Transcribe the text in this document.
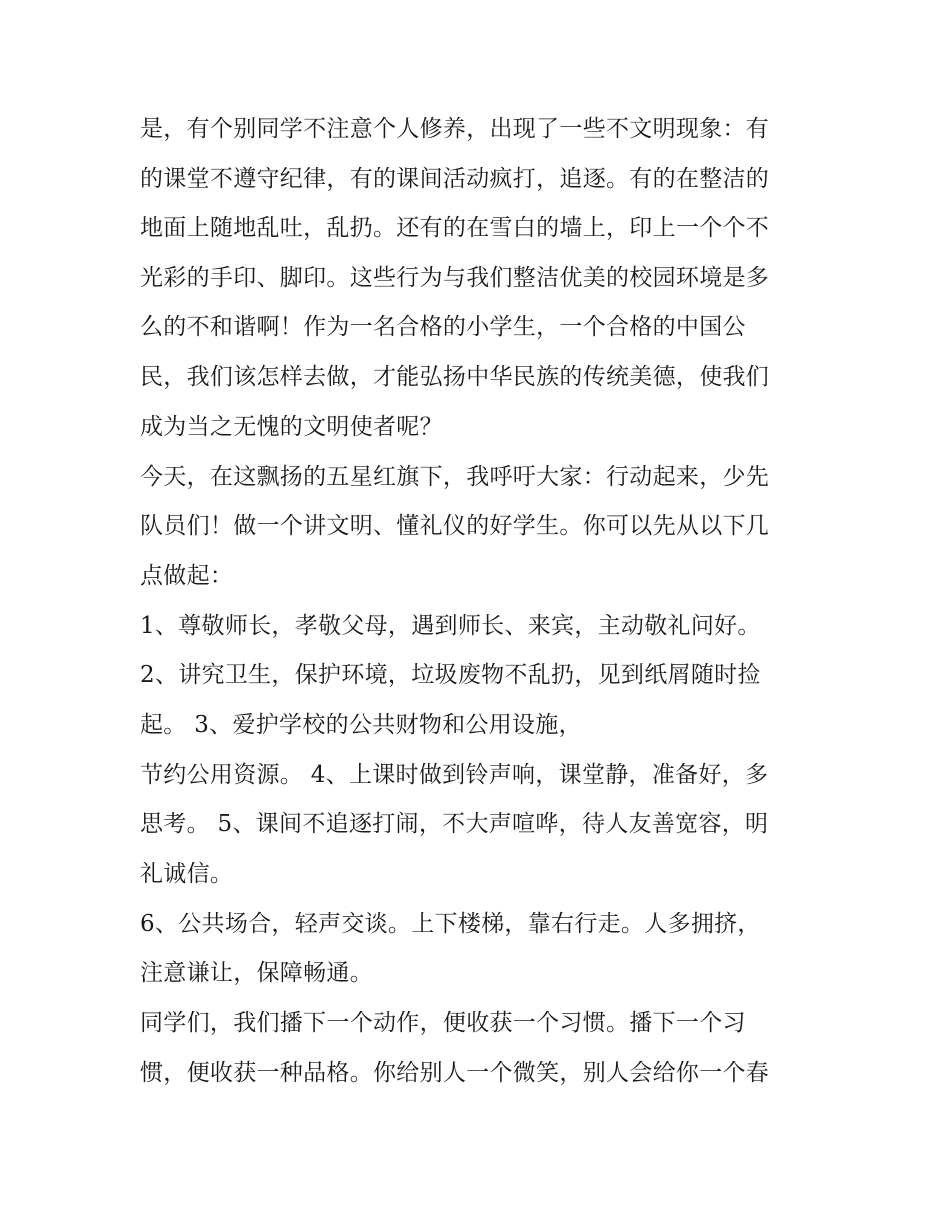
是，有个别同学不注意个人修养，出现了一些不文明现象：有
的课堂不遵守纪律，有的课间活动疯打，追逐。有的在整洁的
地面上随地乱吐，乱扔。还有的在雪白的墙上，印上一个个不
光彩的手印、脚印。这些行为与我们整洁优美的校园环境是多
么的不和谐啊！作为一名合格的小学生，一个合格的中国公
民，我们该怎样去做，才能弘扬中华民族的传统美德，使我们
成为当之无愧的文明使者呢？
今天，在这飘扬的五星红旗下，我呼吁大家：行动起来，少先
队员们！做一个讲文明、懂礼仪的好学生。你可以先从以下几
点做起：
1、尊敬师长，孝敬父母，遇到师长、来宾，主动敬礼问好。
2、讲究卫生，保护环境，垃圾废物不乱扔，见到纸屑随时捡
起。 3、爱护学校的公共财物和公用设施，
节约公用资源。 4、上课时做到铃声响，课堂静，准备好，多
思考。 5、课间不追逐打闹，不大声喧哗，待人友善宽容，明
礼诚信。
6、公共场合，轻声交谈。上下楼梯，靠右行走。人多拥挤，
注意谦让，保障畅通。
同学们，我们播下一个动作，便收获一个习惯。播下一个习
惯，便收获一种品格。你给别人一个微笑，别人会给你一个春
